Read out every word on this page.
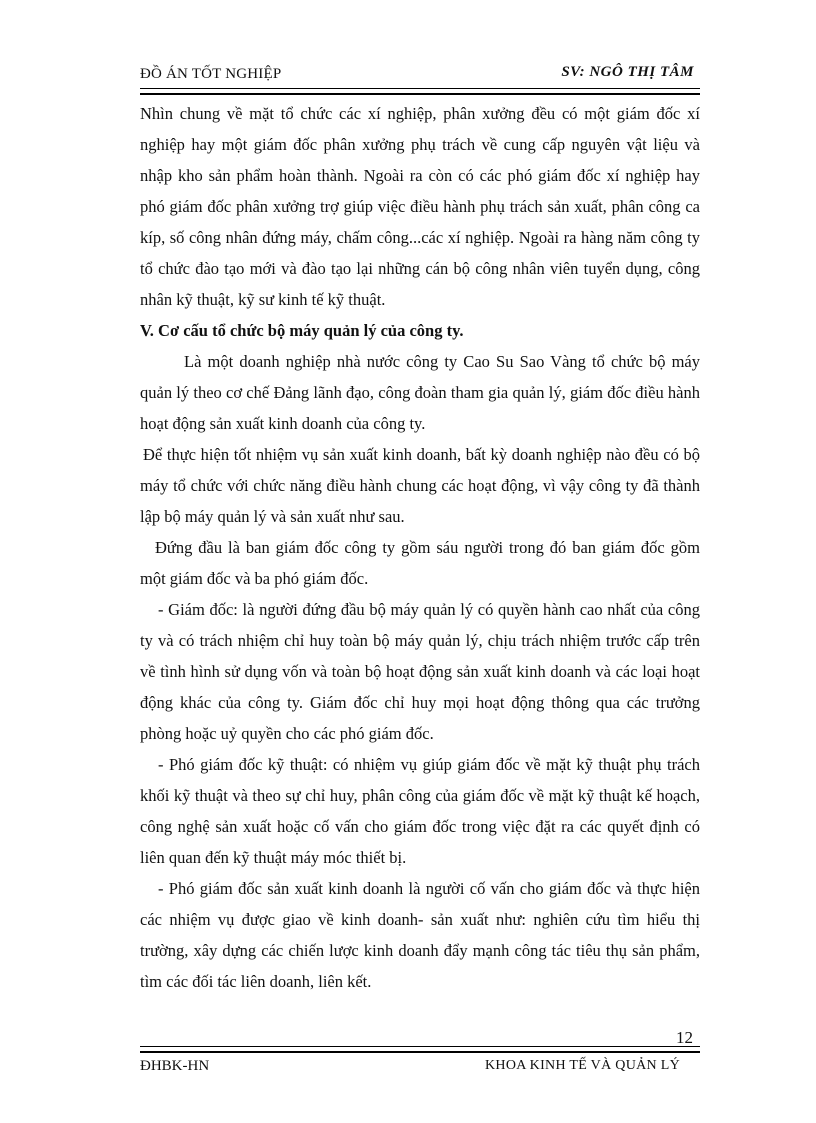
ĐỒ ÁN TỐT NGHIỆP	SV: NGÔ THỊ TÂM

Nhìn chung về mặt tổ chức các xí nghiệp, phân xưởng đều có một giám đốc xí nghiệp hay một giám đốc phân xưởng phụ trách về cung cấp nguyên vật liệu và nhập kho sản phẩm hoàn thành. Ngoài ra còn có các phó giám đốc xí nghiệp hay phó giám đốc phân xưởng trợ giúp việc điều hành phụ trách sản xuất, phân công ca kíp, số công nhân đứng máy, chấm công...các xí nghiệp. Ngoài ra hàng năm công ty tổ chức đào tạo mới và đào tạo lại những cán bộ công nhân viên tuyển dụng, công nhân kỹ thuật, kỹ sư kinh tế kỹ thuật.

V. Cơ cấu tổ chức bộ máy quản lý của công ty.

Là một doanh nghiệp nhà nước công ty Cao Su Sao Vàng tổ chức bộ máy quản lý theo cơ chế Đảng lãnh đạo, công đoàn tham gia quản lý, giám đốc điều hành hoạt động sản xuất kinh doanh của công ty.

Để thực hiện tốt nhiệm vụ sản xuất kinh doanh, bất kỳ doanh nghiệp nào đều có bộ máy tổ chức với chức năng điều hành chung các hoạt động, vì vậy công ty đã thành lập bộ máy quản lý và sản xuất như sau.

Đứng đầu là ban giám đốc công ty gồm sáu người trong đó ban giám đốc gồm một giám đốc và ba phó giám đốc.

- Giám đốc: là người đứng đầu bộ máy quản lý có quyền hành cao nhất của công ty và có trách nhiệm chỉ huy toàn bộ máy quản lý, chịu trách nhiệm trước cấp trên về tình hình sử dụng vốn và toàn bộ hoạt động sản xuất kinh doanh và các loại hoạt động khác của công ty. Giám đốc chỉ huy mọi hoạt động thông qua các trưởng phòng hoặc uỷ quyền cho các phó giám đốc.

- Phó giám đốc kỹ thuật: có nhiệm vụ giúp giám đốc về mặt kỹ thuật phụ trách khối kỹ thuật và theo sự chỉ huy, phân công của giám đốc về mặt kỹ thuật kế hoạch, công nghệ sản xuất hoặc cố vấn cho giám đốc trong việc đặt ra các quyết định có liên quan đến kỹ thuật máy móc thiết bị.

- Phó giám đốc sản xuất kinh doanh là người cố vấn cho giám đốc và thực hiện các nhiệm vụ được giao về kinh doanh- sản xuất như: nghiên cứu tìm hiểu thị      trường, xây dựng các chiến lược kinh doanh đẩy mạnh công tác tiêu thụ sản phẩm, tìm các đối tác liên doanh, liên kết.

12
ĐHBK-HN	KHOA KINH TẾ VÀ QUẢN LÝ
